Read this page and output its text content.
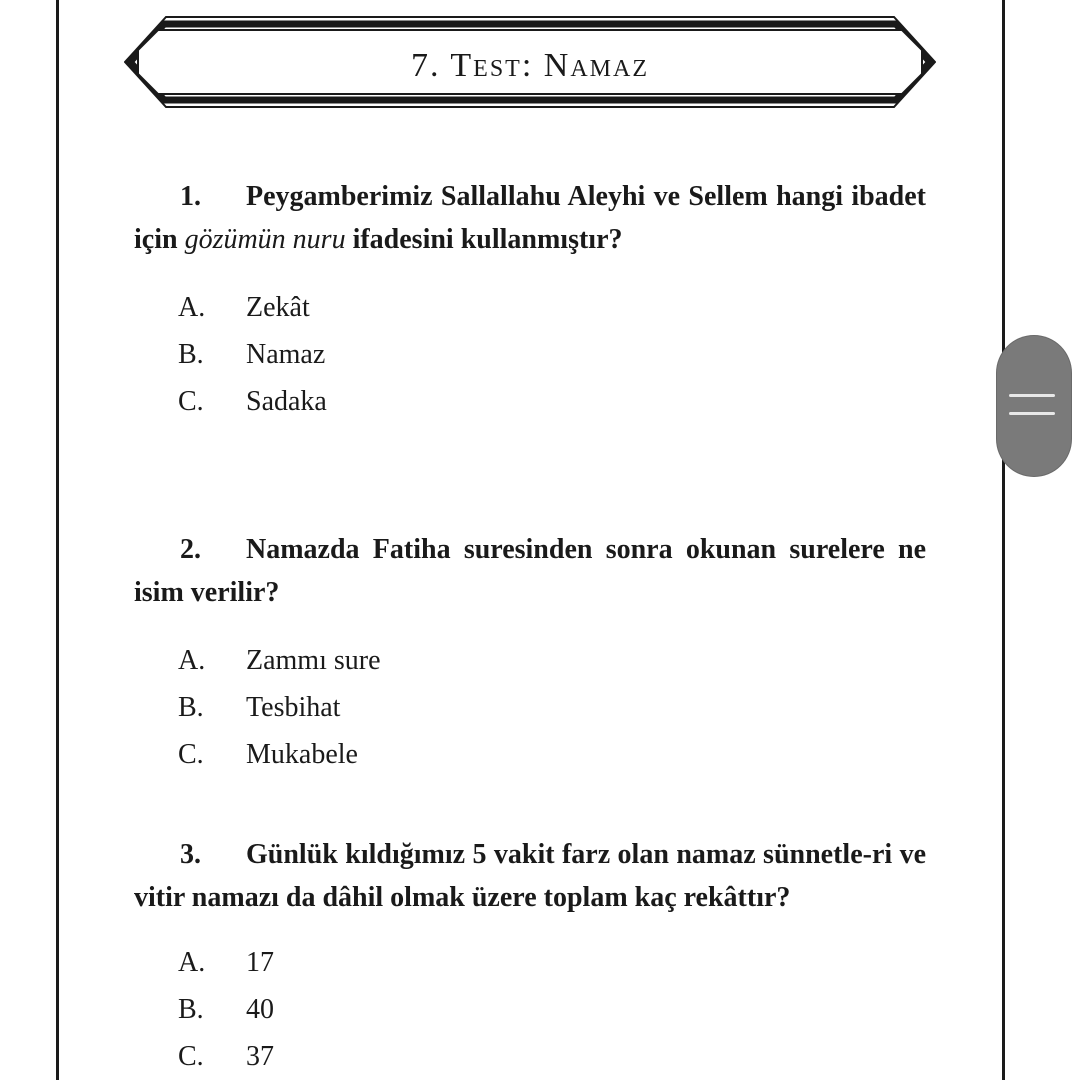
7. Test: Namaz
1. Peygamberimiz Sallallahu Aleyhi ve Sellem hangi ibadet için gözümün nuru ifadesini kullanmıştır?
A. Zekât
B. Namaz
C. Sadaka
2. Namazda Fatiha suresinden sonra okunan surelere ne isim verilir?
A. Zammı sure
B. Tesbihat
C. Mukabele
3. Günlük kıldığımız 5 vakit farz olan namaz sünnetle-ri ve vitir namazı da dâhil olmak üzere toplam kaç rekâttır?
A. 17
B. 40
C. 37
